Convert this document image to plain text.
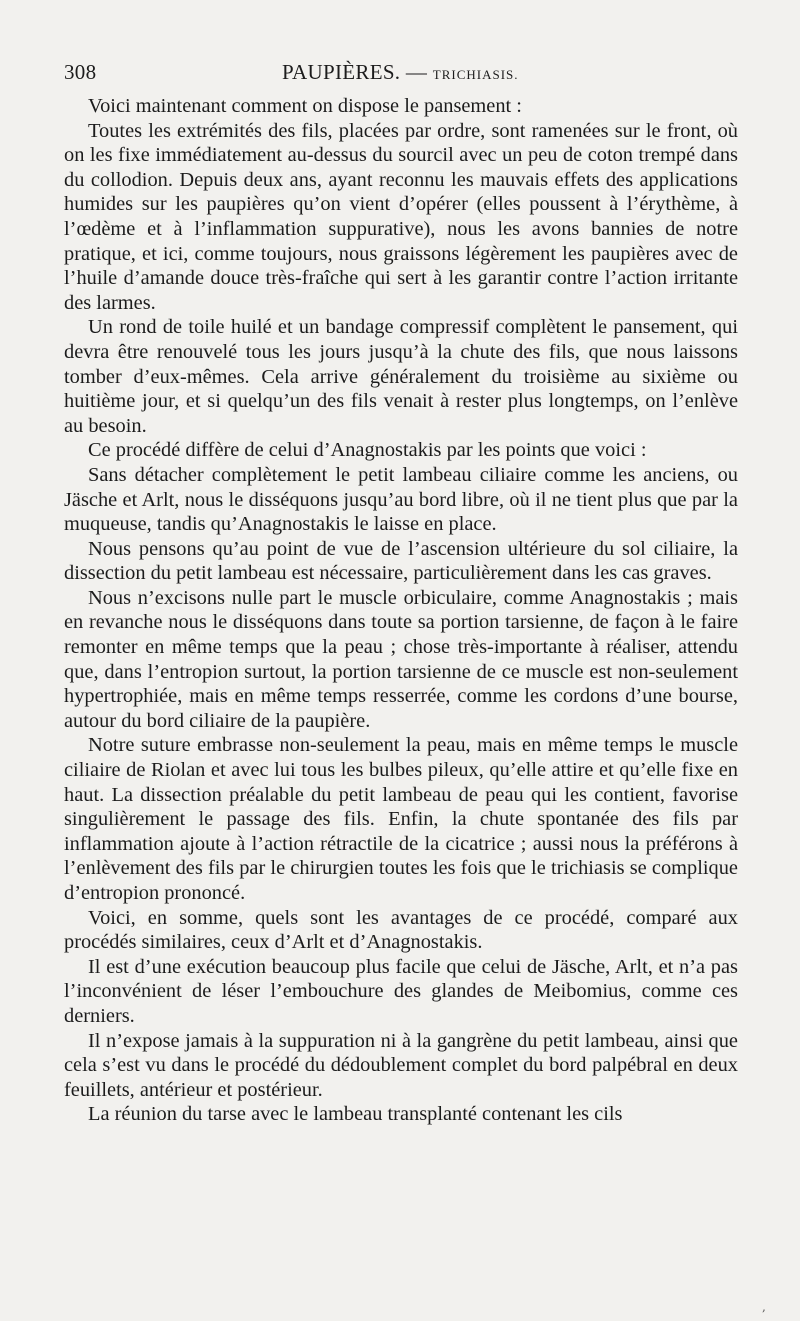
308	PAUPIÈRES. — TRICHIASIS.

Voici maintenant comment on dispose le pansement :

Toutes les extrémités des fils, placées par ordre, sont ramenées sur le front, où on les fixe immédiatement au-dessus du sourcil avec un peu de coton trempé dans du collodion. Depuis deux ans, ayant reconnu les mauvais effets des applications humides sur les paupières qu’on vient d’opérer (elles poussent à l’érythème, à l’œdème et à l’inflammation suppurative), nous les avons bannies de notre pratique, et ici, comme toujours, nous graissons légèrement les paupières avec de l’huile d’amande douce très-fraîche qui sert à les garantir contre l’action irritante des larmes.

Un rond de toile huilé et un bandage compressif complètent le pansement, qui devra être renouvelé tous les jours jusqu’à la chute des fils, que nous laissons tomber d’eux-mêmes. Cela arrive généralement du troisième au sixième ou huitième jour, et si quelqu’un des fils venait à rester plus longtemps, on l’enlève au besoin.

Ce procédé diffère de celui d’Anagnostakis par les points que voici :

Sans détacher complètement le petit lambeau ciliaire comme les anciens, ou Jäsche et Arlt, nous le disséquons jusqu’au bord libre, où il ne tient plus que par la muqueuse, tandis qu’Anagnostakis le laisse en place.

Nous pensons qu’au point de vue de l’ascension ultérieure du sol ciliaire, la dissection du petit lambeau est nécessaire, particulièrement dans les cas graves.

Nous n’excisons nulle part le muscle orbiculaire, comme Anagnostakis ; mais en revanche nous le disséquons dans toute sa portion tarsienne, de façon à le faire remonter en même temps que la peau ; chose très-importante à réaliser, attendu que, dans l’entropion surtout, la portion tarsienne de ce muscle est non-seulement hypertrophiée, mais en même temps resserrée, comme les cordons d’une bourse, autour du bord ciliaire de la paupière.

Notre suture embrasse non-seulement la peau, mais en même temps le muscle ciliaire de Riolan et avec lui tous les bulbes pileux, qu’elle attire et qu’elle fixe en haut. La dissection préalable du petit lambeau de peau qui les contient, favorise singulièrement le passage des fils. Enfin, la chute spontanée des fils par inflammation ajoute à l’action rétractile de la cicatrice ; aussi nous la préférons à l’enlèvement des fils par le chirurgien toutes les fois que le trichiasis se complique d’entropion prononcé.

Voici, en somme, quels sont les avantages de ce procédé, comparé aux procédés similaires, ceux d’Arlt et d’Anagnostakis.

Il est d’une exécution beaucoup plus facile que celui de Jäsche, Arlt, et n’a pas l’inconvénient de léser l’embouchure des glandes de Meibomius, comme ces derniers.

Il n’expose jamais à la suppuration ni à la gangrène du petit lambeau, ainsi que cela s’est vu dans le procédé du dédoublement complet du bord palpébral en deux feuillets, antérieur et postérieur.

La réunion du tarse avec le lambeau transplanté contenant les cils

,
